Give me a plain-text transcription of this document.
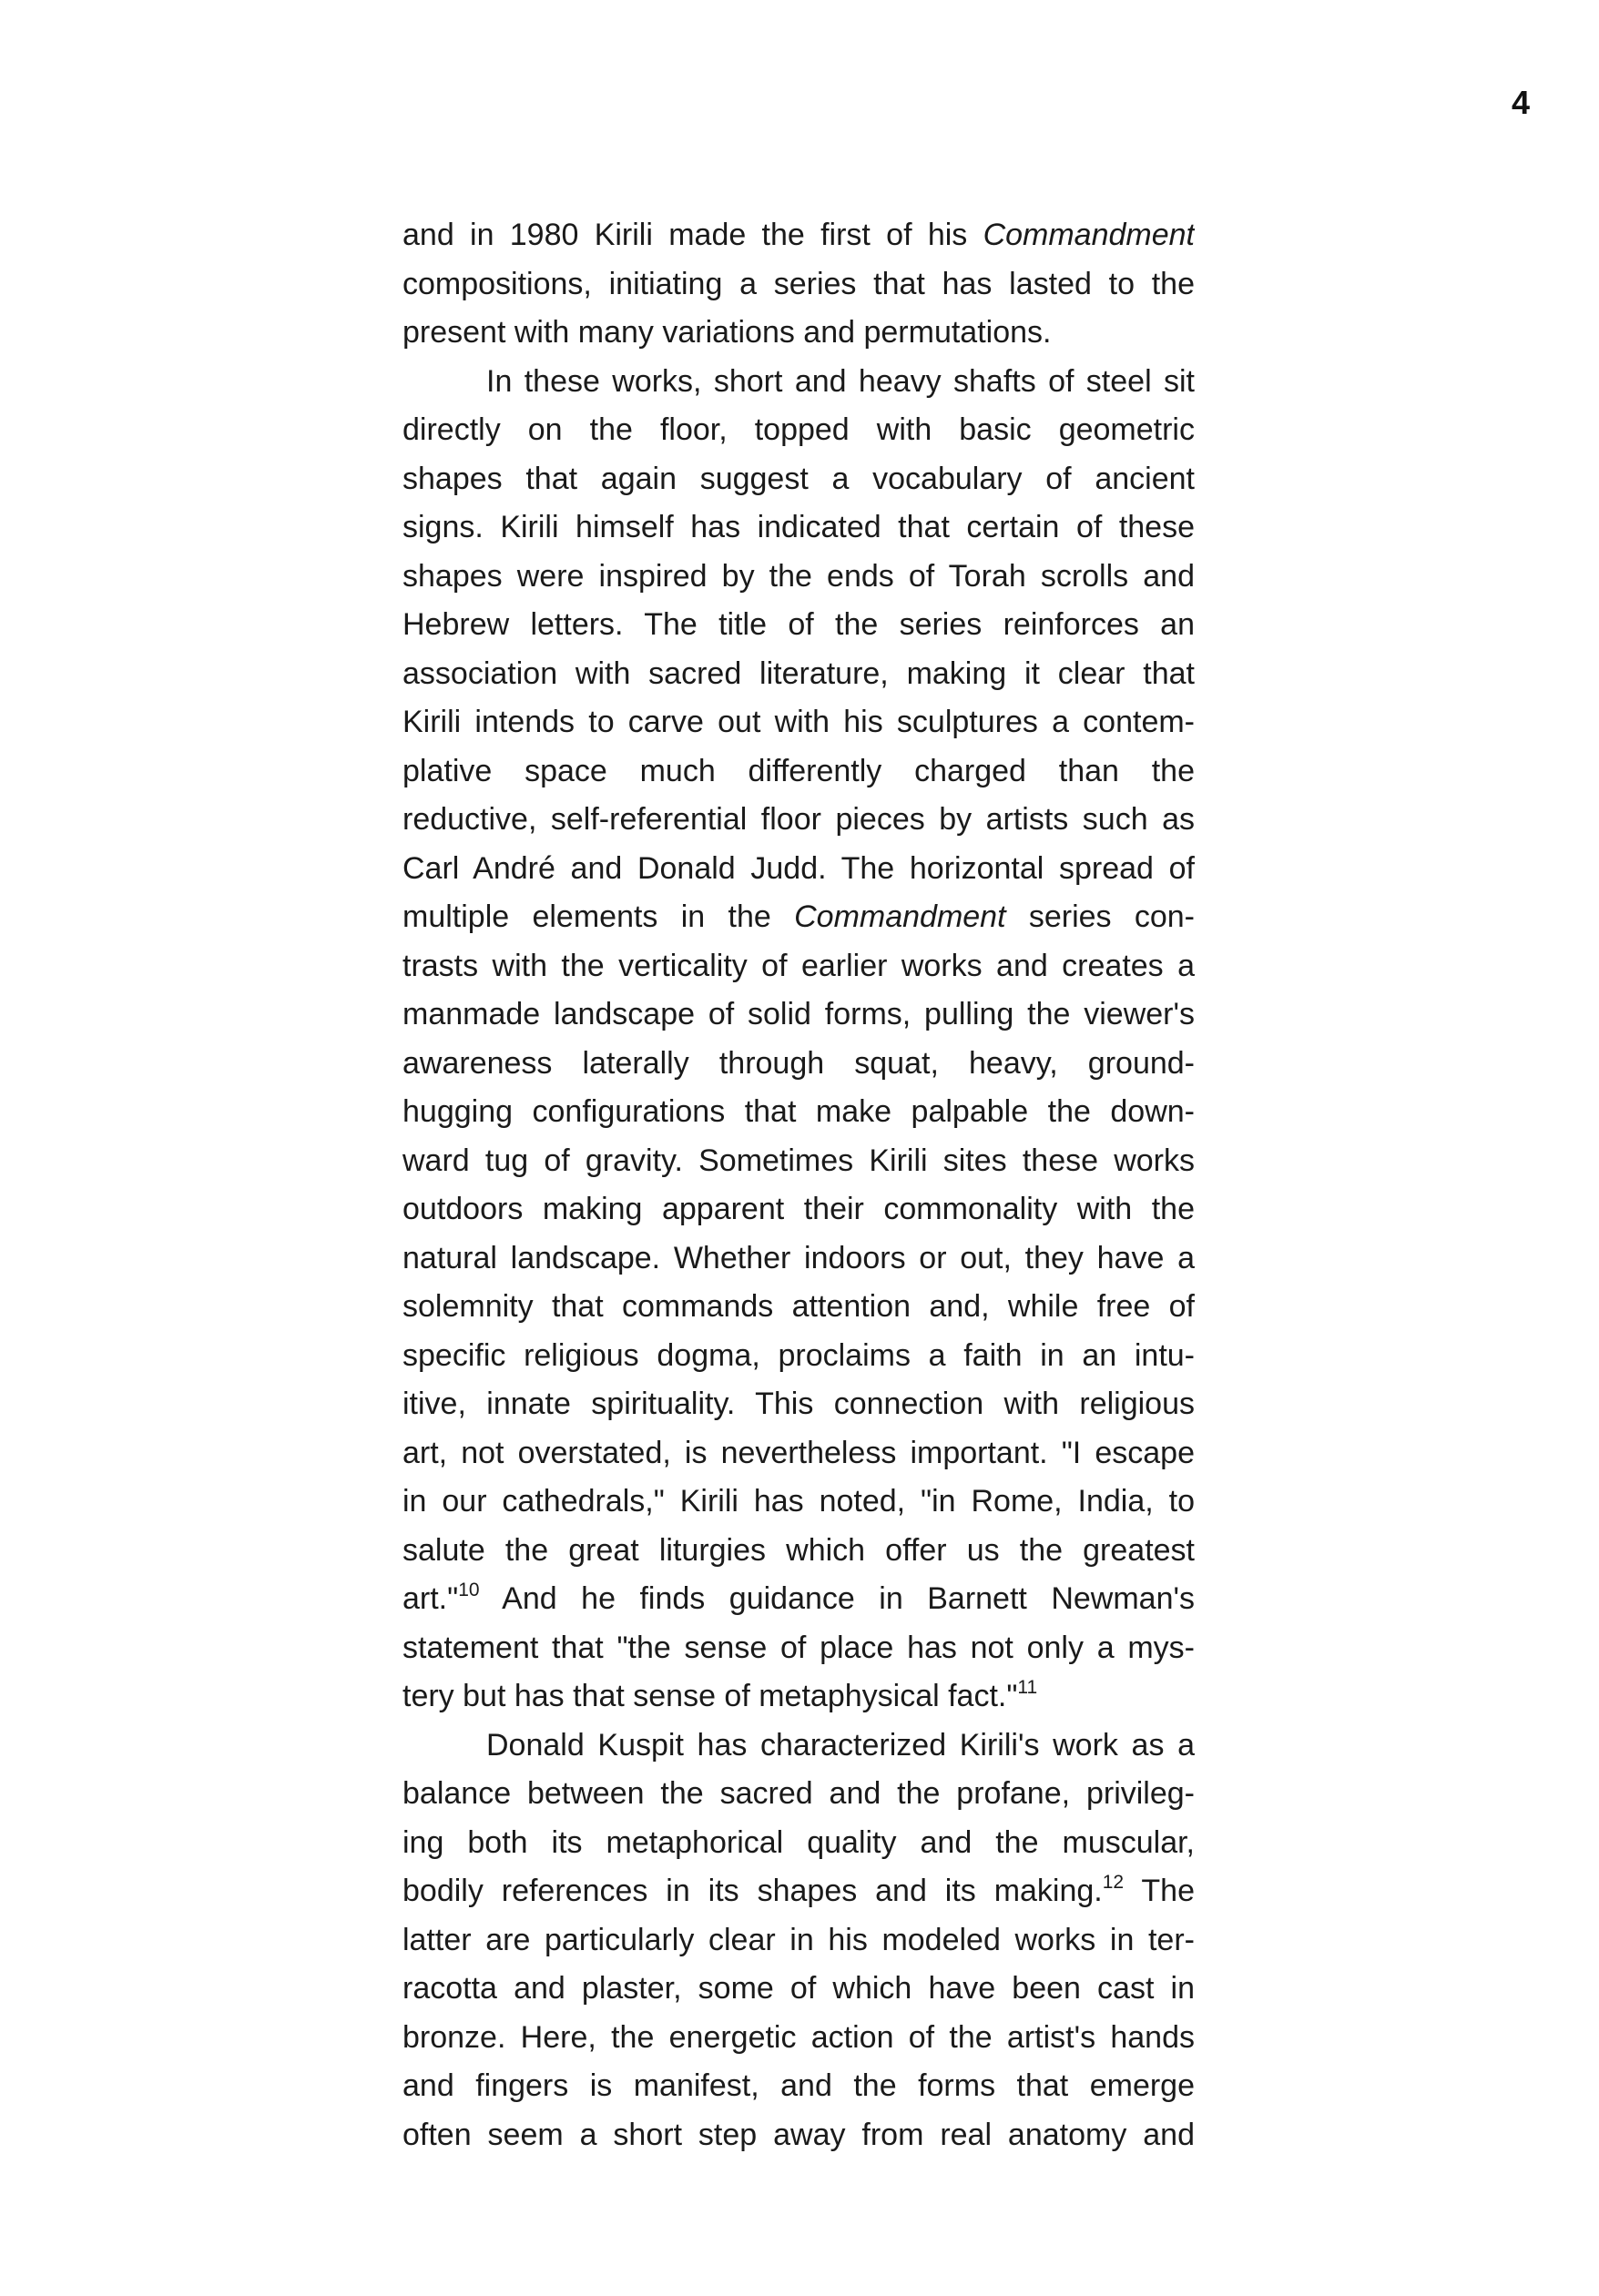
4
and in 1980 Kirili made the first of his Commandment
compositions, initiating a series that has lasted to the
present with many variations and permutations.
In these works, short and heavy shafts of steel sit
directly on the floor, topped with basic geometric
shapes that again suggest a vocabulary of ancient
signs. Kirili himself has indicated that certain of these
shapes were inspired by the ends of Torah scrolls and
Hebrew letters. The title of the series reinforces an
association with sacred literature, making it clear that
Kirili intends to carve out with his sculptures a contem-
plative space much differently charged than the
reductive, self-referential floor pieces by artists such as
Carl André and Donald Judd. The horizontal spread of
multiple elements in the Commandment series con-
trasts with the verticality of earlier works and creates a
manmade landscape of solid forms, pulling the viewer's
awareness laterally through squat, heavy, ground-
hugging configurations that make palpable the down-
ward tug of gravity. Sometimes Kirili sites these works
outdoors making apparent their commonality with the
natural landscape. Whether indoors or out, they have a
solemnity that commands attention and, while free of
specific religious dogma, proclaims a faith in an intu-
itive, innate spirituality. This connection with religious
art, not overstated, is nevertheless important. "I escape
in our cathedrals," Kirili has noted, "in Rome, India, to
salute the great liturgies which offer us the greatest
art."$^{10}$ And he finds guidance in Barnett Newman's
statement that "the sense of place has not only a mys-
tery but has that sense of metaphysical fact."$^{11}$
Donald Kuspit has characterized Kirili's work as a
balance between the sacred and the profane, privileg-
ing both its metaphorical quality and the muscular,
bodily references in its shapes and its making.$^{12}$ The
latter are particularly clear in his modeled works in ter-
racotta and plaster, some of which have been cast in
bronze. Here, the energetic action of the artist's hands
and fingers is manifest, and the forms that emerge
often seem a short step away from real anatomy and
